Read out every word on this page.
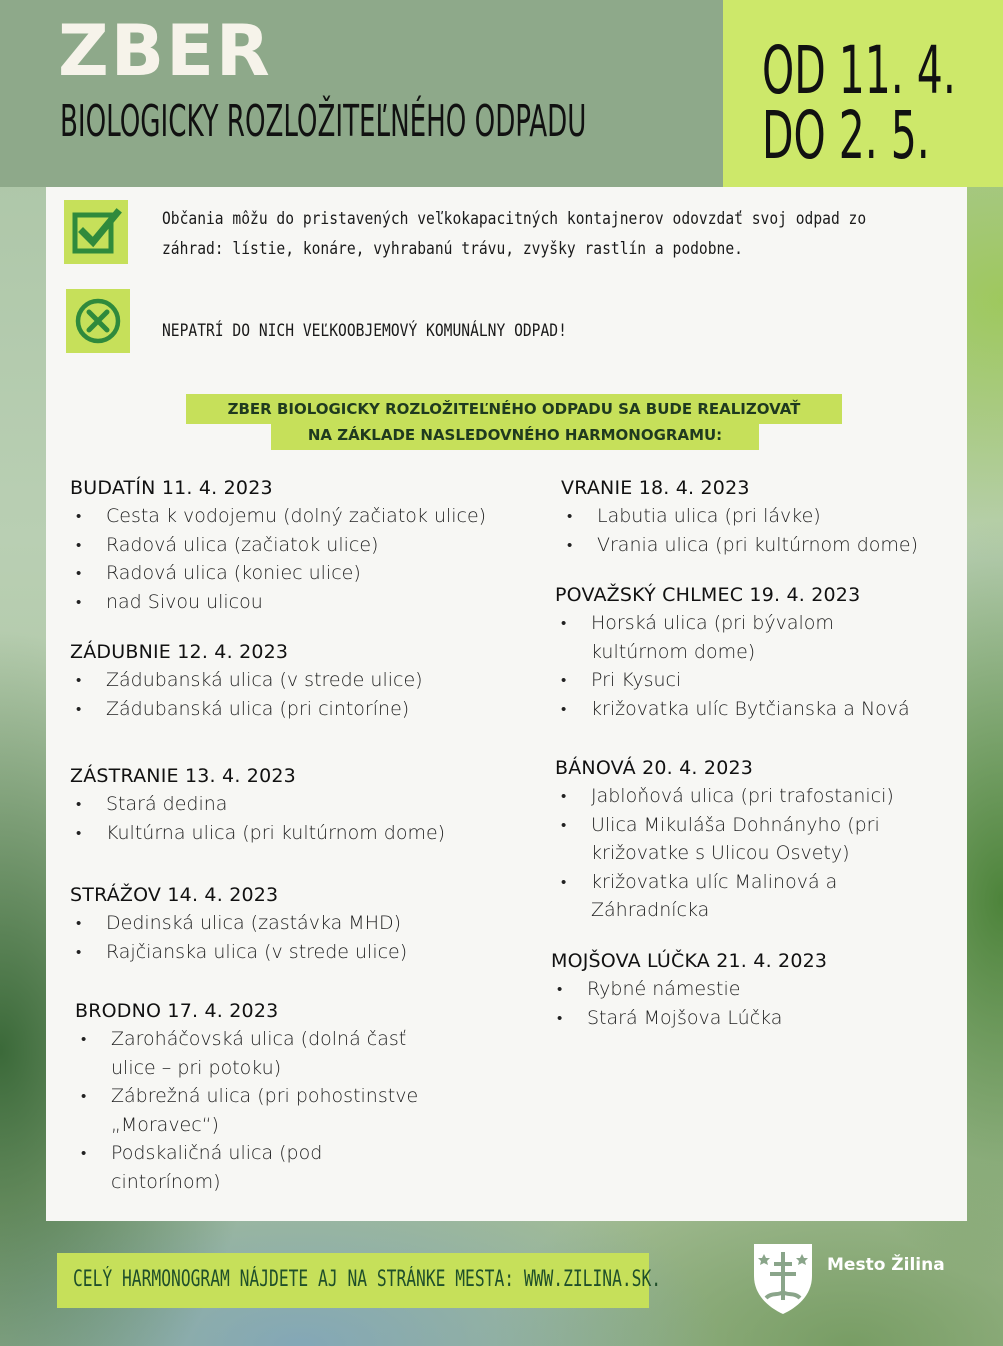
ZBER
BIOLOGICKY ROZLOŽITEĽNÉHO ODPADU
OD 11. 4.
DO 2. 5.
Občania môžu do pristavených veľkokapacitných kontajnerov odovzdať svoj odpad zo
záhrad: lístie, konáre, vyhrabanú trávu, zvyšky rastlín a podobne.
NEPATRÍ DO NICH VEĽKOOBJEMOVÝ KOMUNÁLNY ODPAD!
ZBER BIOLOGICKY ROZLOŽITEĽNÉHO ODPADU SA BUDE REALIZOVAŤ
NA ZÁKLADE NASLEDOVNÉHO HARMONOGRAMU:
BUDATÍN 11. 4. 2023
• Cesta k vodojemu (dolný začiatok ulice)
• Radová ulica (začiatok ulice)
• Radová ulica (koniec ulice)
• nad Sivou ulicou
ZÁDUBNIE 12. 4. 2023
• Zádubanská ulica (v strede ulice)
• Zádubanská ulica (pri cintoríne)
ZÁSTRANIE 13. 4. 2023
• Stará dedina
• Kultúrna ulica (pri kultúrnom dome)
STRÁŽOV 14. 4. 2023
• Dedinská ulica (zastávka MHD)
• Rajčianska ulica (v strede ulice)
BRODNO 17. 4. 2023
• Zaroháčovská ulica (dolná časť
ulice – pri potoku)
• Zábrežná ulica (pri pohostinstve
„Moravec“)
• Podskaličná ulica (pod
cintorínom)
VRANIE 18. 4. 2023
• Labutia ulica (pri lávke)
• Vrania ulica (pri kultúrnom dome)
POVAŽSKÝ CHLMEC 19. 4. 2023
• Horská ulica (pri bývalom
kultúrnom dome)
• Pri Kysuci
• križovatka ulíc Bytčianska a Nová
BÁNOVÁ 20. 4. 2023
• Jabloňová ulica (pri trafostanici)
• Ulica Mikuláša Dohnányho (pri
križovatke s Ulicou Osvety)
• križovatka ulíc Malinová a
Záhradnícka
MOJŠOVA LÚČKA 21. 4. 2023
• Rybné námestie
• Stará Mojšova Lúčka
CELÝ HARMONOGRAM NÁJDETE AJ NA STRÁNKE MESTA: WWW.ZILINA.SK.
Mesto Žilina
